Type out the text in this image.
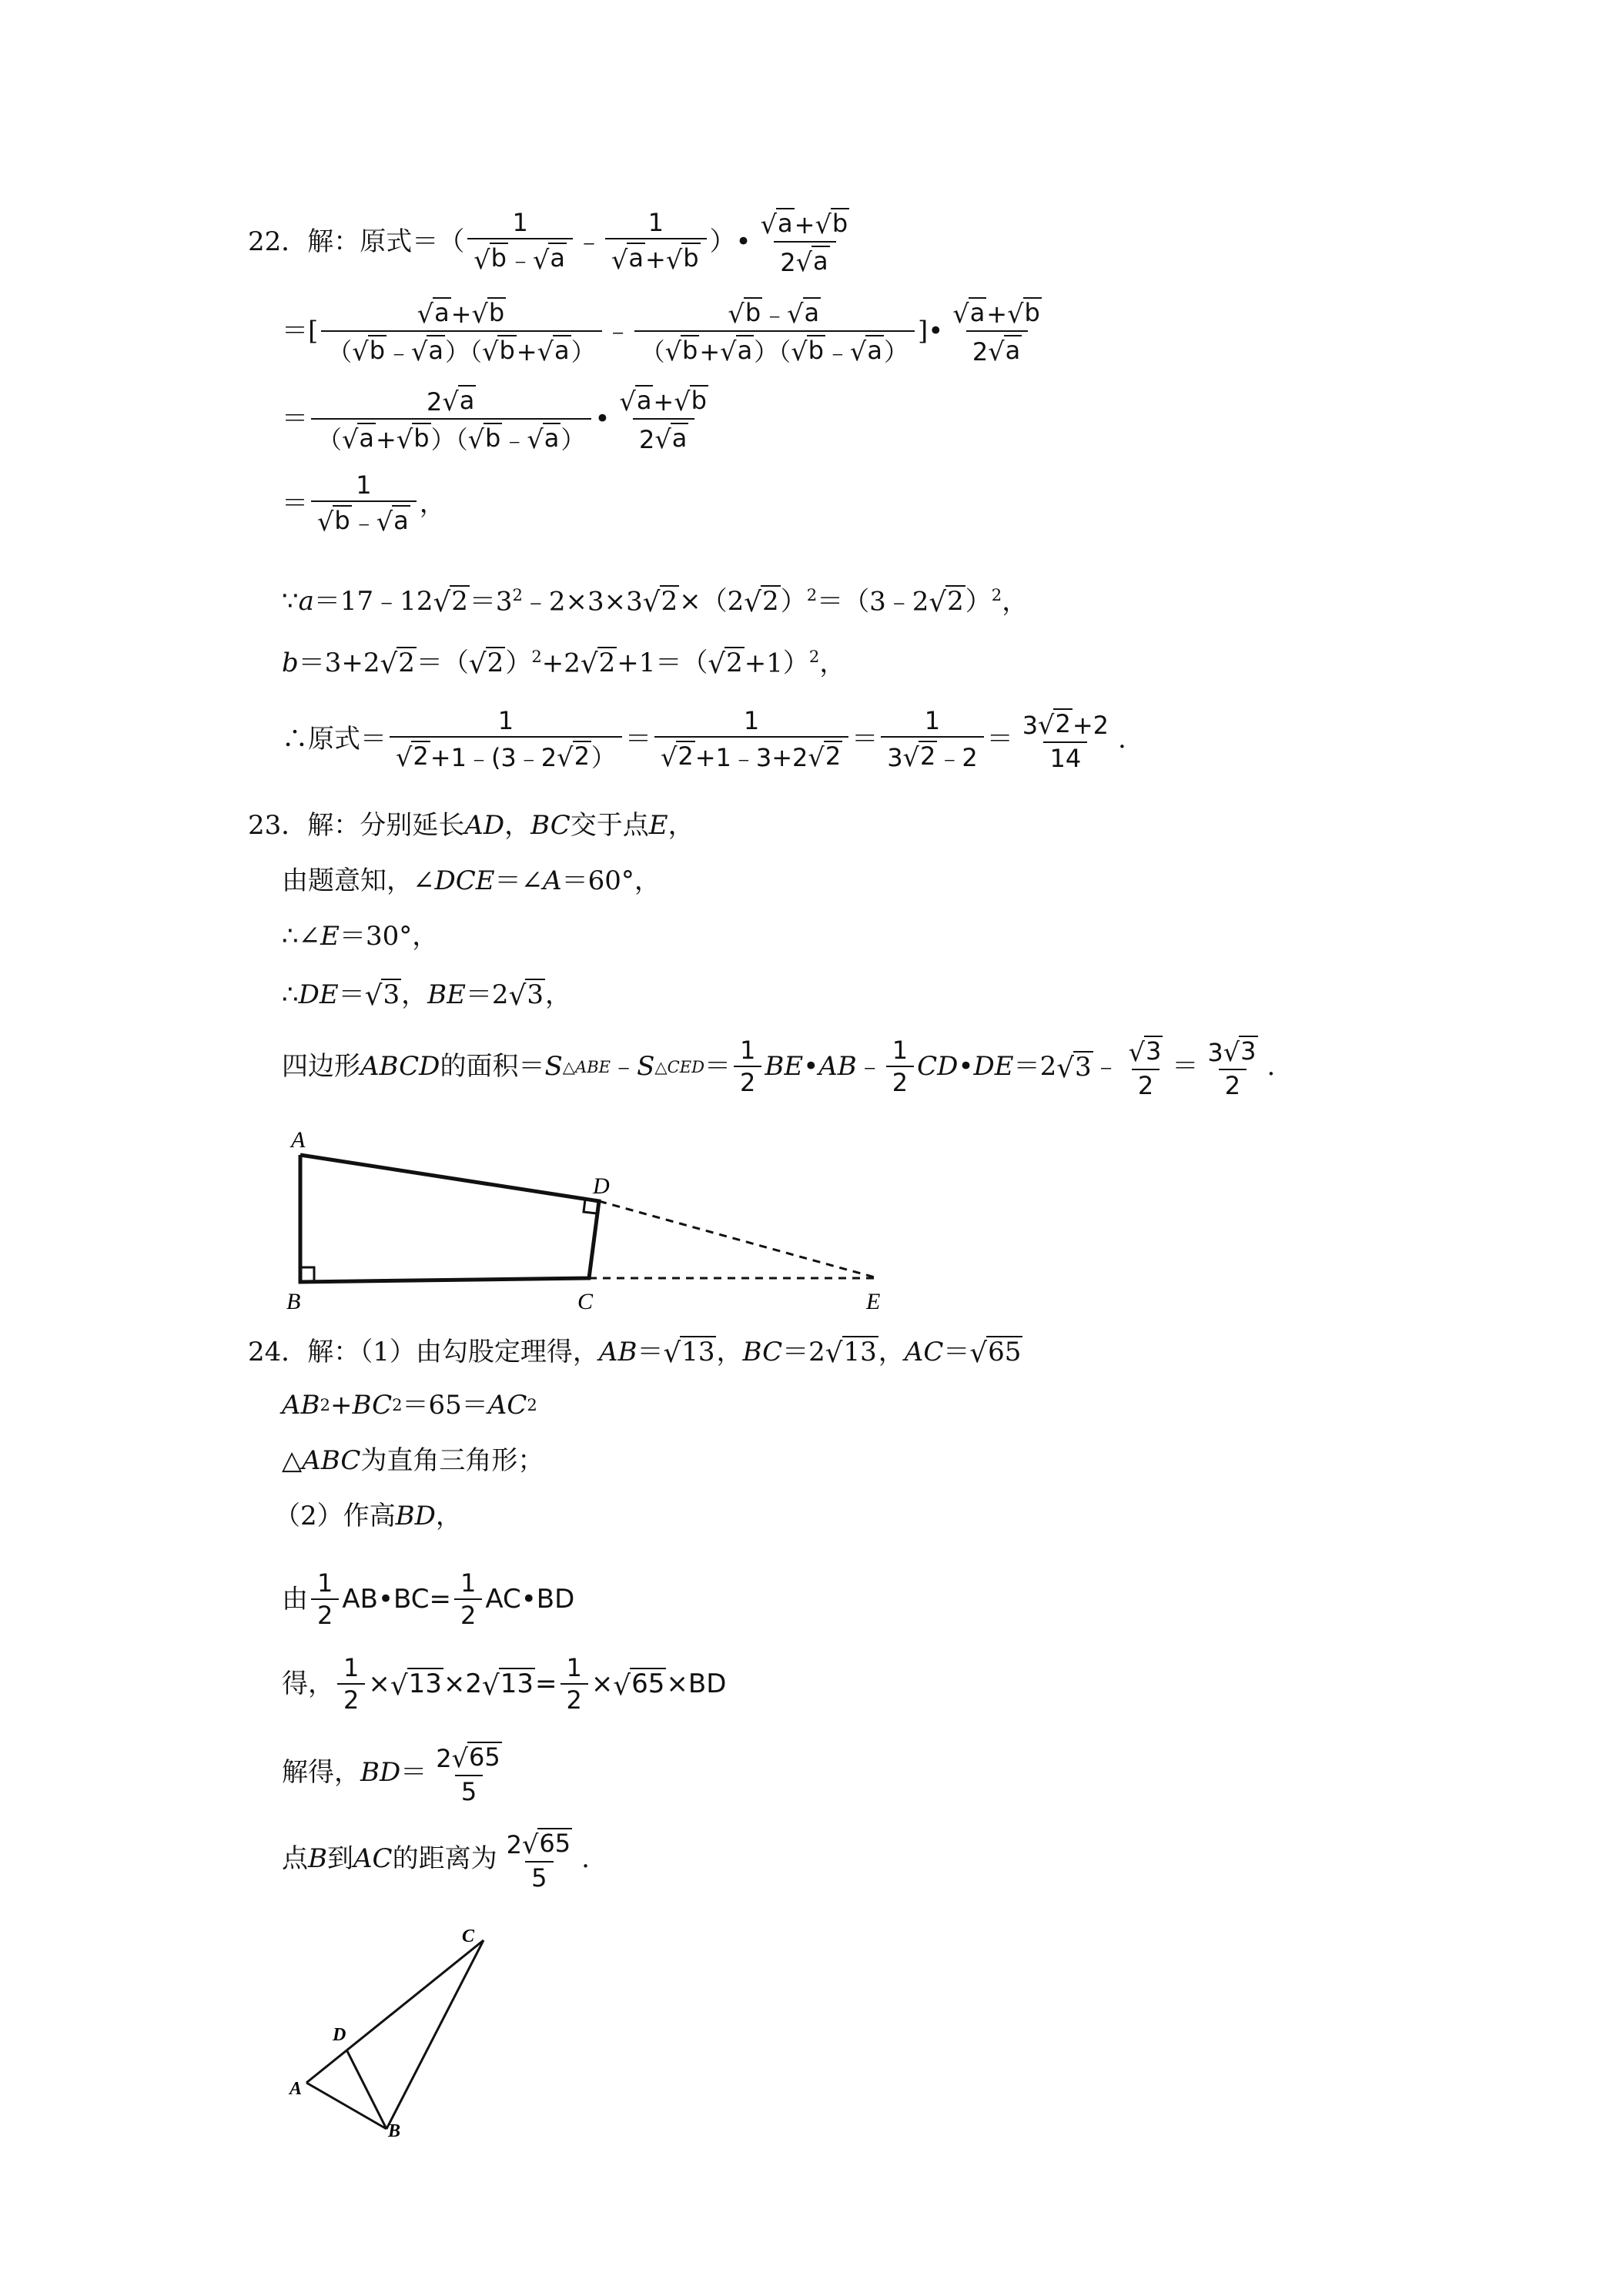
22．解：原式＝（
1
√ b ﹣ √ a
﹣
1
√ a + √ b
）•
√ a + √ b
2 √ a
＝[
√ a + √ b
（ √ b ﹣ √ a ）（ √ b + √ a ）
﹣
√ b ﹣ √ a
（ √ b + √ a ）（ √ b ﹣ √ a ）
]•
√ a + √ b
2 √ a
＝
2 √ a
（ √ a + √ b ）（ √ b ﹣ √ a ）
•
√ a + √ b
2 √ a
＝
1
√ b ﹣ √ a
，
∵ a ＝17﹣12 √ $2 =3^2﹣2\times 3\times 3$ √ 2 ×（2 √ 2 ）$^2$＝（3﹣2 √ 2 ）$^2$，
b ＝3+2 √ 2 ＝（ √ 2 ）$^2$+2 √ 2 +1＝（ √ 2 +1）$^2$，
∴原式＝
1
√ 2 +1﹣(3﹣2 √ 2 ）
＝
1
√ 2 +1﹣3+2 √ 2
＝
1
3 √ 2 ﹣2
＝ 3 √ 2 +2
14
.
23．解：分别延长 AD ， BC 交于点 E ，
由题意知，∠ DCE ＝∠ A ＝60°，
∴∠ E ＝30°，
∴ DE ＝ √ 3 ， BE ＝2 √ 3 ，
四边形 ABCD 的面积＝ S △ABE ﹣ S △CED ＝
1
2
BE • AB ﹣
1
2
CD • DE ＝2 √ 3 ﹣ √ 3
2
＝ 3 √ 3
2
.
A
D
B	C	E
24．解：（1）由勾股定理得， AB ＝ √ 13 ， BC ＝2 √ 13 ， AC ＝ √ 65
AB 2 + BC 2 ＝65＝ AC 2
△ ABC 为直角三角形；
（2）作高 BD ，
由
1
2
AB•BC= $\frac{1}{2}$ AC•BD
得， $\frac{1}{2}$ × √ 13 ×2 √ $13 = \frac{1}{2}$ × √ 65 ×BD
解得， BD ＝ 2 √ 65
5
点 B 到 AC 的距离为 2 √ 65
5
.
C
D
A
B
